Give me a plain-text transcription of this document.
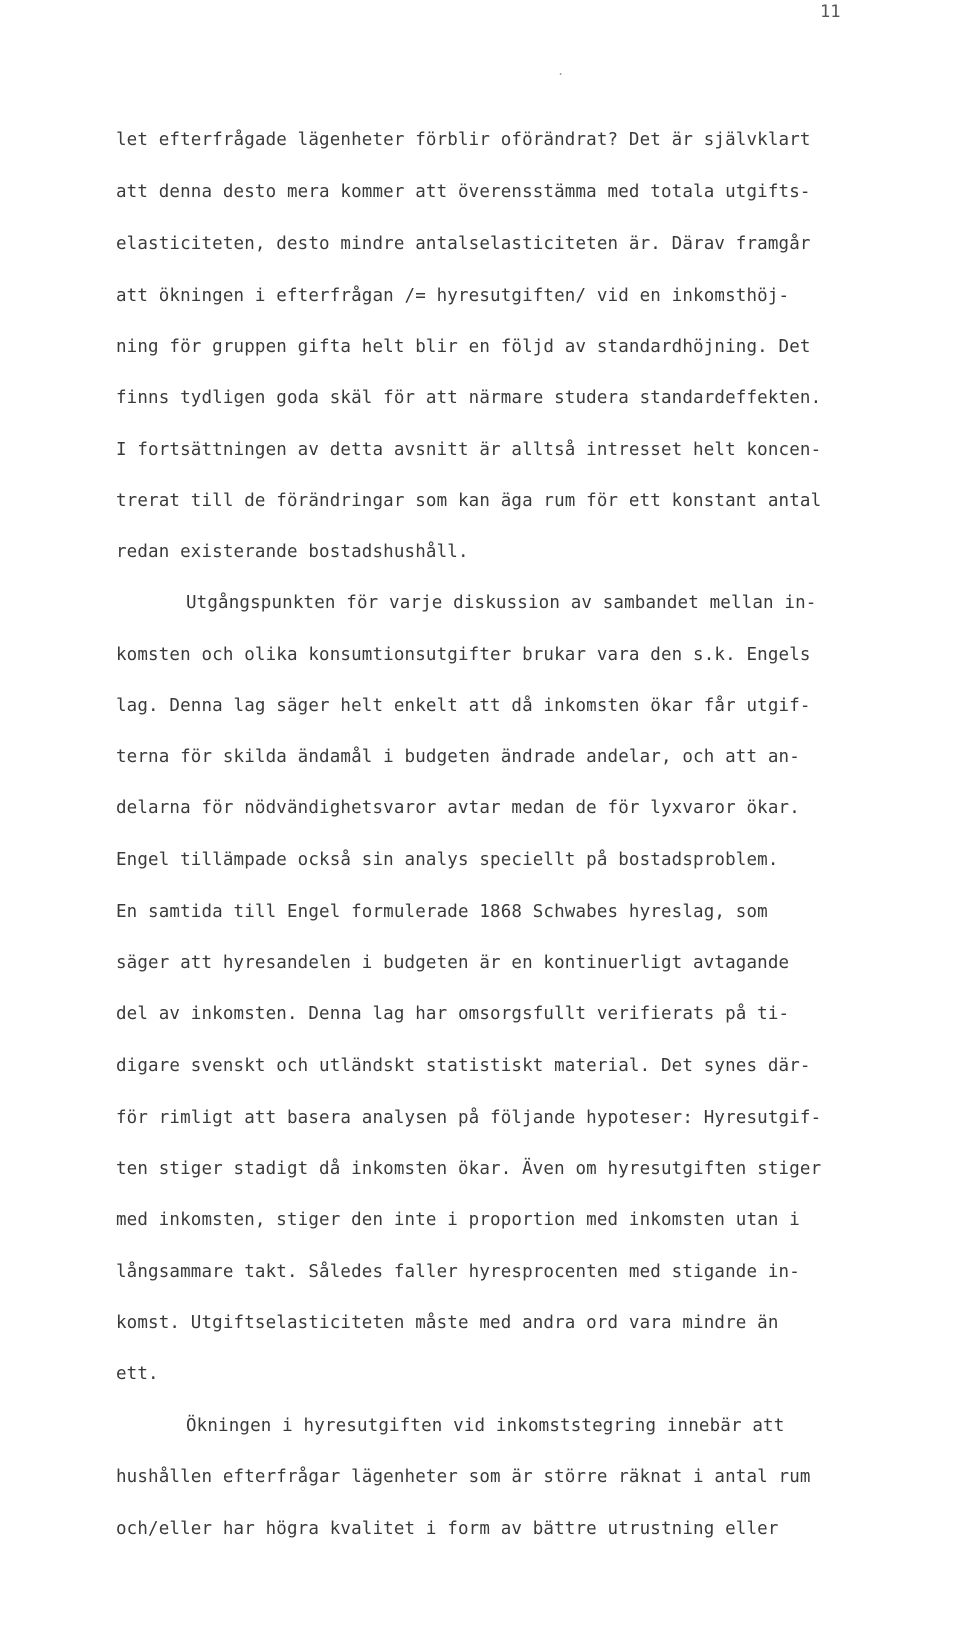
11
.
let efterfrågade lägenheter förblir oförändrat? Det är självklart
att denna desto mera kommer att överensstämma med totala utgifts-
elasticiteten, desto mindre antalselasticiteten är. Därav framgår
att ökningen i efterfrågan /= hyresutgiften/ vid en inkomsthöj-
ning för gruppen gifta helt blir en följd av standardhöjning. Det
finns tydligen goda skäl för att närmare studera standardeffekten.
I fortsättningen av detta avsnitt är alltså intresset helt koncen-
trerat till de förändringar som kan äga rum för ett konstant antal
redan existerande bostadshushåll.
Utgångspunkten för varje diskussion av sambandet mellan in-
komsten och olika konsumtionsutgifter brukar vara den s.k. Engels
lag. Denna lag säger helt enkelt att då inkomsten ökar får utgif-
terna för skilda ändamål i budgeten ändrade andelar, och att an-
delarna för nödvändighetsvaror avtar medan de för lyxvaror ökar.
Engel tillämpade också sin analys speciellt på bostadsproblem.
En samtida till Engel formulerade 1868 Schwabes hyreslag, som
säger att hyresandelen i budgeten är en kontinuerligt avtagande
del av inkomsten. Denna lag har omsorgsfullt verifierats på ti-
digare svenskt och utländskt statistiskt material. Det synes där-
för rimligt att basera analysen på följande hypoteser: Hyresutgif-
ten stiger stadigt då inkomsten ökar. Även om hyresutgiften stiger
med inkomsten, stiger den inte i proportion med inkomsten utan i
långsammare takt. Således faller hyresprocenten med stigande in-
komst. Utgiftselasticiteten måste med andra ord vara mindre än
ett.
Ökningen i hyresutgiften vid inkomststegring innebär att
hushållen efterfrågar lägenheter som är större räknat i antal rum
och/eller har högra kvalitet i form av bättre utrustning eller
